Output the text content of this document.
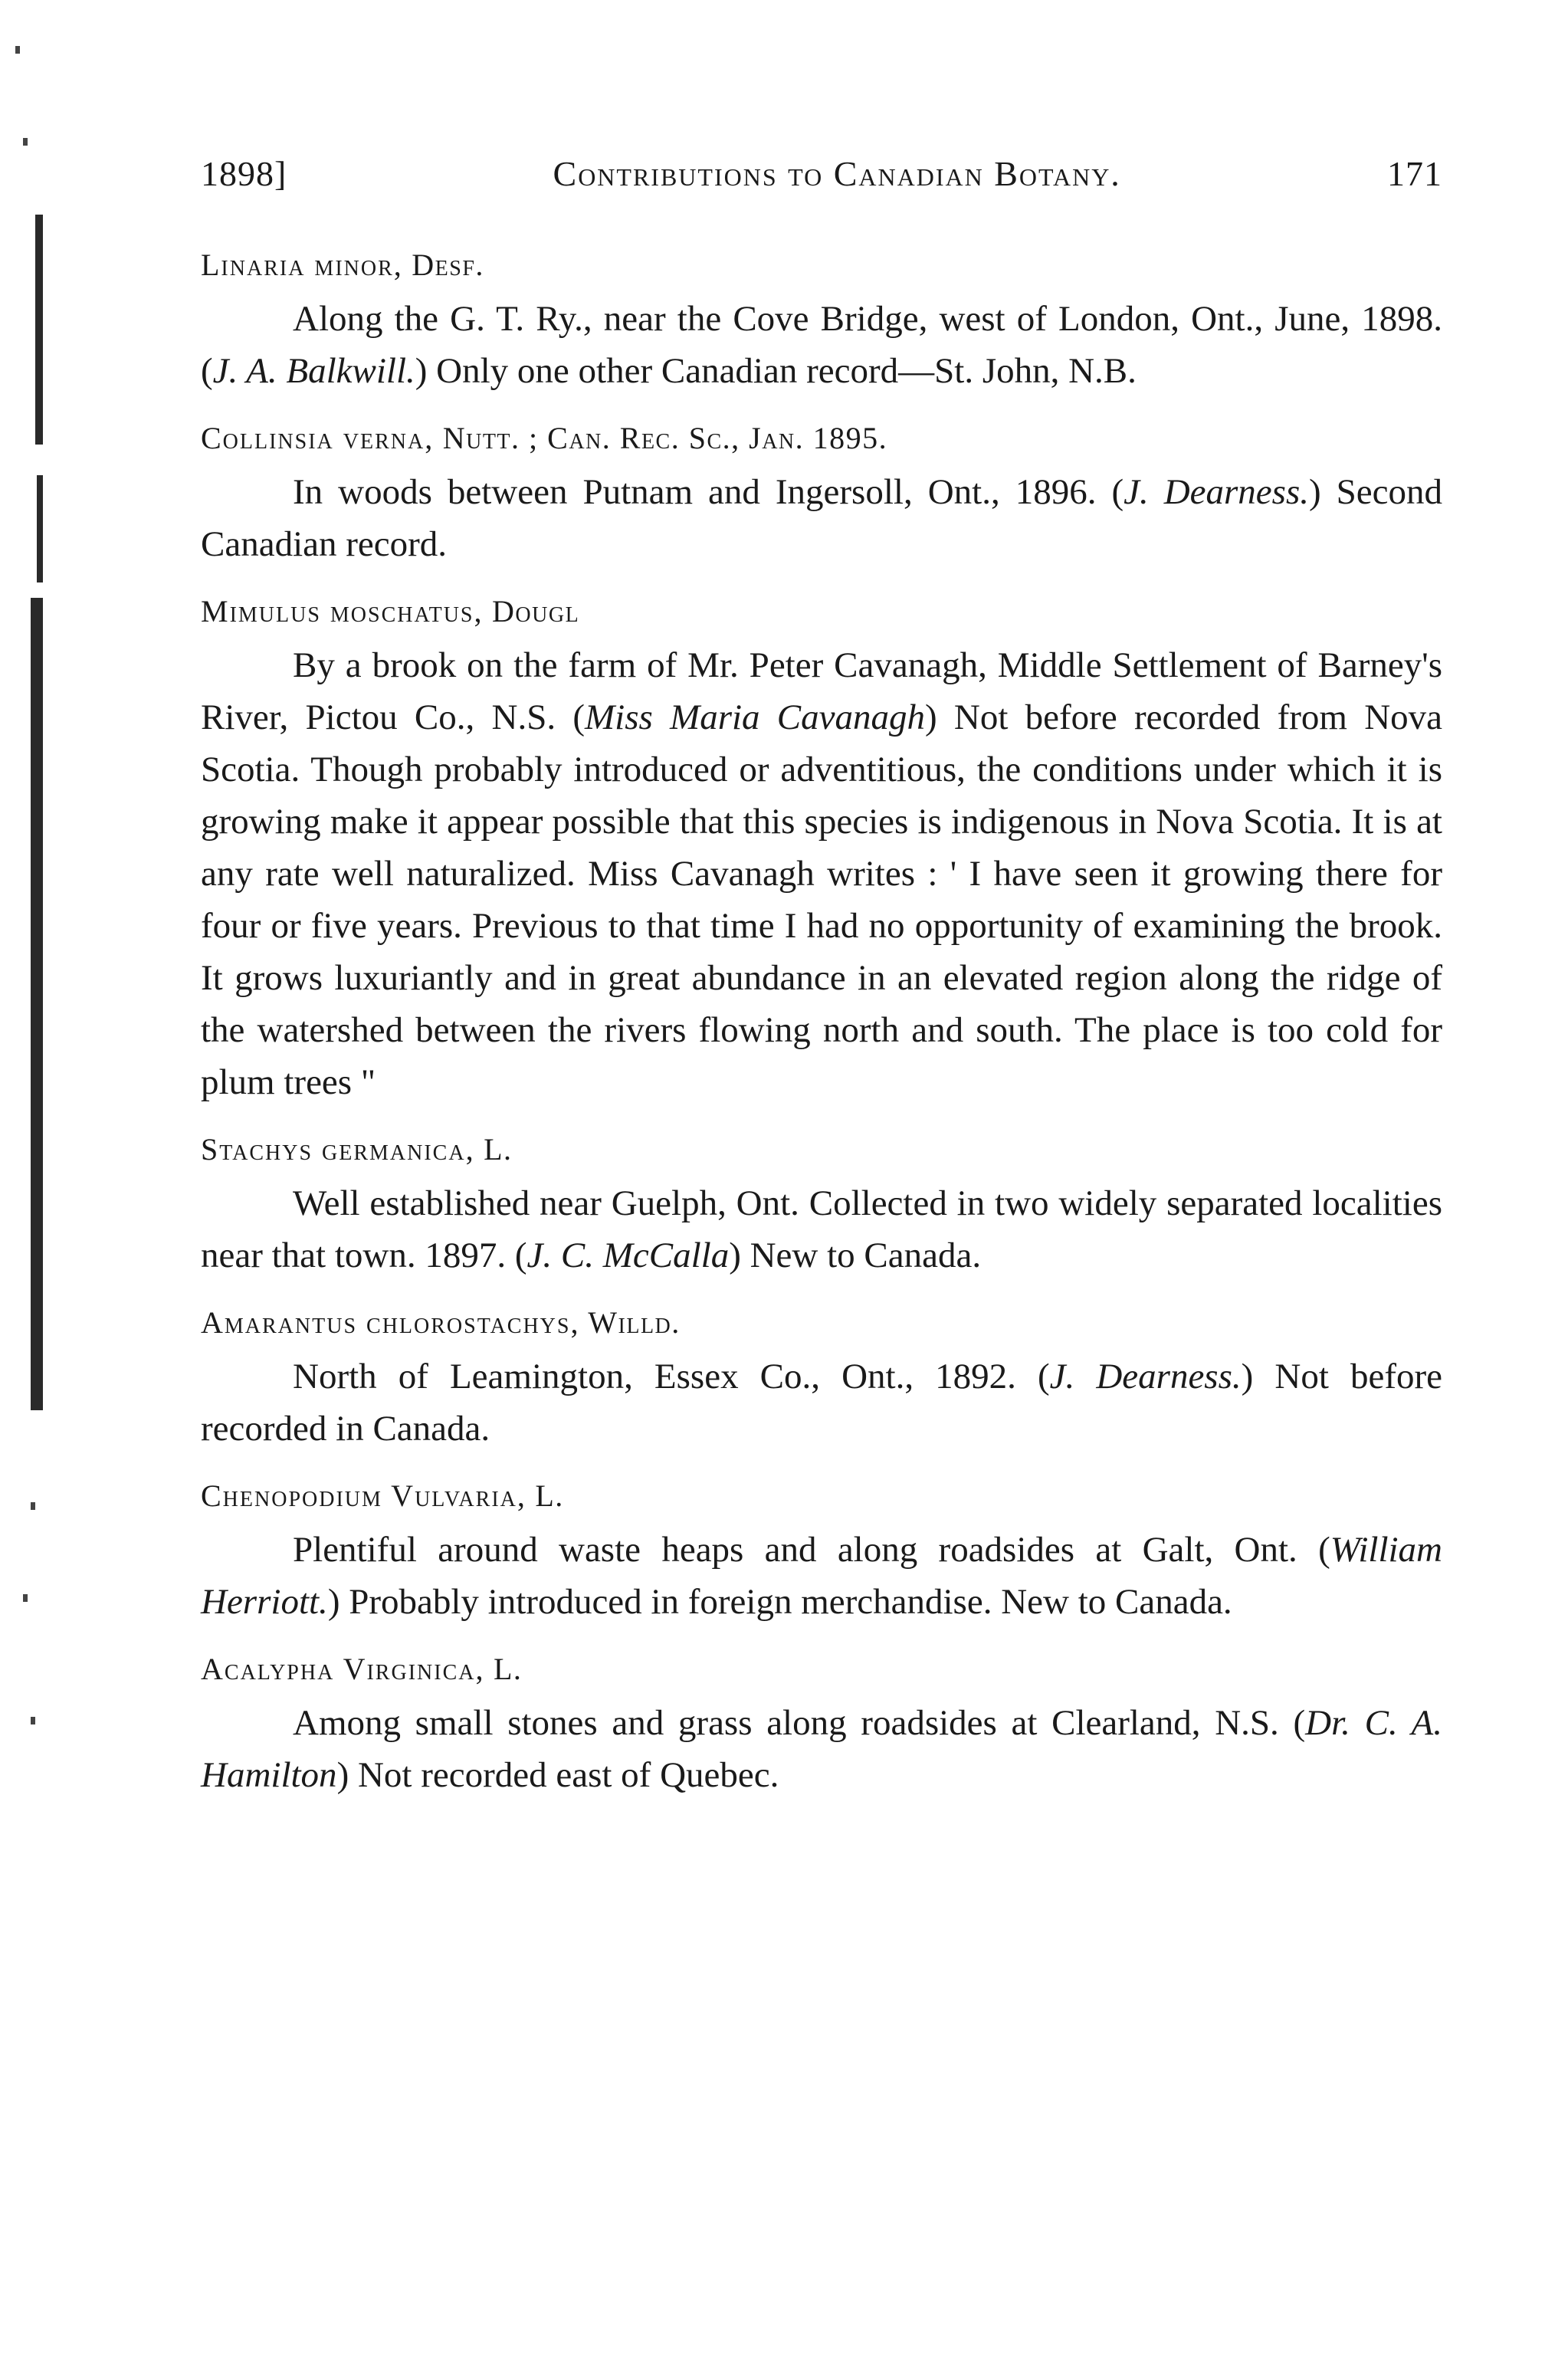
1898]	Contributions to Canadian Botany.	171

Linaria minor, Desf.

Along the G. T. Ry., near the Cove Bridge, west of London, Ont., June, 1898. (J. A. Balkwill.) Only one other Canadian record—St. John, N.B.

Collinsia verna, Nutt. ; Can. Rec. Sc., Jan. 1895.

In woods between Putnam and Ingersoll, Ont., 1896. (J. Dearness.) Second Canadian record.

Mimulus moschatus, Dougl

By a brook on the farm of Mr. Peter Cavanagh, Middle Settlement of Barney's River, Pictou Co., N.S. (Miss Maria Cavanagh) Not before recorded from Nova Scotia. Though probably introduced or adventitious, the conditions under which it is growing make it appear possible that this species is indigenous in Nova Scotia. It is at any rate well naturalized. Miss Cavanagh writes : ' I have seen it growing there for four or five years. Previous to that time I had no opportunity of examining the brook. It grows luxuriantly and in great abundance in an elevated region along the ridge of the watershed between the rivers flowing north and south. The place is too cold for plum trees "

Stachys germanica, L.

Well established near Guelph, Ont. Collected in two widely separated localities near that town. 1897. (J. C. McCalla) New to Canada.

Amarantus chlorostachys, Willd.

North of Leamington, Essex Co., Ont., 1892. (J. Dearness.) Not before recorded in Canada.

Chenopodium Vulvaria, L.

Plentiful around waste heaps and along roadsides at Galt, Ont. (William Herriott.) Probably introduced in foreign merchandise. New to Canada.

Acalypha Virginica, L.

Among small stones and grass along roadsides at Clearland, N.S. (Dr. C. A. Hamilton) Not recorded east of Quebec.
